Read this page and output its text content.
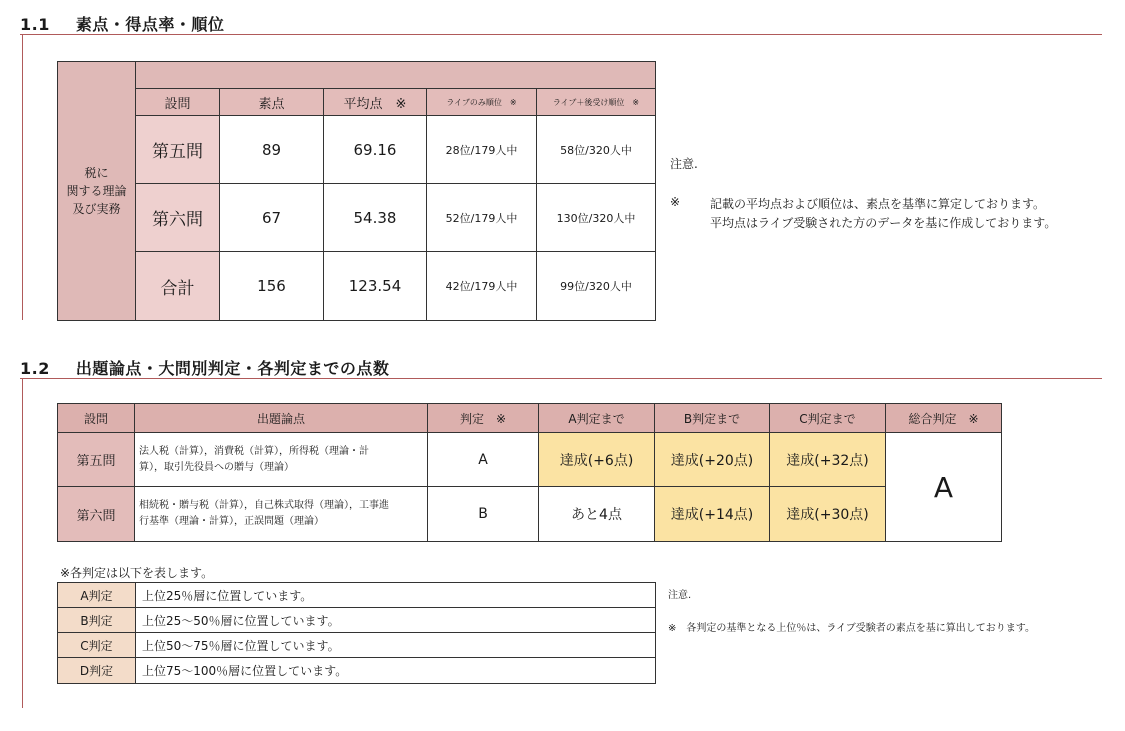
1.1 素点・得点率・順位
税に
関する理論
及び実務					

	設問	素点	平均点　※	ライブのみ順位　※	ライブ＋後受け順位　※
	第五問	89	69.16	28位/179人中	58位/320人中
	第六問	67	54.38	52位/179人中	130位/320人中
	合計	156	123.54	42位/179人中	99位/320人中
注意.
※ 記載の平均点および順位は、素点を基準に算定しております。
平均点はライブ受験された方のデータを基に作成しております。
1.2 出題論点・大問別判定・各判定までの点数
設問	出題論点	判定　※	A判定まで	B判定まで	C判定まで	総合判定　※
第五問	法人税（計算），消費税（計算），所得税（理論・計
算），取引先役員への贈与（理論）	A	達成(+6点)	達成(+20点)	達成(+32点)	A
第六問	相続税・贈与税（計算），自己株式取得（理論），工事進
行基準（理論・計算），正誤問題（理論）	B	あと4点	達成(+14点)	達成(+30点)	
※各判定は以下を表します。
A判定	上位25％層に位置しています。
B判定	上位25～50％層に位置しています。
C判定	上位50～75％層に位置しています。
D判定	上位75～100％層に位置しています。
注意.
※　各判定の基準となる上位％は、ライブ受験者の素点を基に算出しております。
